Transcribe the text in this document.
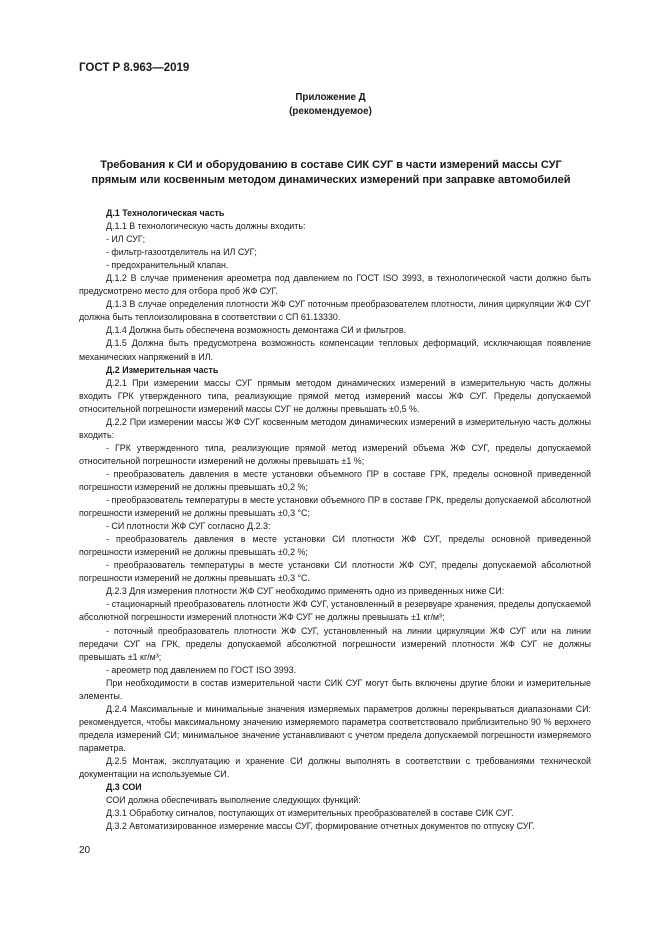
ГОСТ Р 8.963—2019
Приложение Д
(рекомендуемое)
Требования к СИ и оборудованию в составе СИК СУГ в части измерений массы СУГ
прямым или косвенным методом динамических измерений при заправке автомобилей

Д.1 Технологическая часть

Д.1.1 В технологическую часть должны входить:

- ИЛ СУГ;

- фильтр-газоотделитель на ИЛ СУГ;

- предохранительный клапан.

Д.1.2 В случае применения ареометра под давлением по ГОСТ ISO 3993, в технологической части должно быть предусмотрено место для отбора проб ЖФ СУГ.

Д.1.3 В случае определения плотности ЖФ СУГ поточным преобразователем плотности, линия циркуляции ЖФ СУГ должна быть теплоизолирована в соответствии с СП 61.13330.

Д.1.4 Должна быть обеспечена возможность демонтажа СИ и фильтров.

Д.1.5 Должна быть предусмотрена возможность компенсации тепловых деформаций, исключающая появление механических напряжений в ИЛ.

Д.2 Измерительная часть

Д.2.1 При измерении массы СУГ прямым методом динамических измерений в измерительную часть должны входить ГРК утвержденного типа, реализующие прямой метод измерений массы ЖФ СУГ. Пределы допускаемой относительной погрешности измерений массы СУГ не должны превышать ±0,5 %.

Д.2.2 При измерении массы ЖФ СУГ косвенным методом динамических измерений в измерительную часть должны входить:

- ГРК утвержденного типа, реализующие прямой метод измерений объема ЖФ СУГ, пределы допускаемой относительной погрешности измерений не должны превышать ±1 %;

- преобразователь давления в месте установки объемного ПР в составе ГРК, пределы основной приведенной погрешности измерений не должны превышать ±0,2 %;

- преобразователь температуры в месте установки объемного ПР в составе ГРК, пределы допускаемой абсолютной погрешности измерений не должны превышать ±0,3 °С;

- СИ плотности ЖФ СУГ согласно Д.2.3:

- преобразователь давления в месте установки СИ плотности ЖФ СУГ, пределы основной приведенной погрешности измерений не должны превышать ±0,2 %;

- преобразователь температуры в месте установки СИ плотности ЖФ СУГ, пределы допускаемой абсолютной погрешности измерений не должны превышать ±0,3 °С.

Д.2.3 Для измерения плотности ЖФ СУГ необходимо применять одно из приведенных ниже СИ:

- стационарный преобразователь плотности ЖФ СУГ, установленный в резервуаре хранения, пределы допускаемой абсолютной погрешности измерений плотности ЖФ СУГ не должны превышать ±1 кг/м³;

- поточный преобразователь плотности ЖФ СУГ, установленный на линии циркуляции ЖФ СУГ или на линии передачи СУГ на ГРК, пределы допускаемой абсолютной погрешности измерений плотности ЖФ СУГ не должны превышать ±1 кг/м³;

- ареометр под давлением по ГОСТ ISO 3993.

При необходимости в состав измерительной части СИК СУГ могут быть включены другие блоки и измерительные элементы.

Д.2.4 Максимальные и минимальные значения измеряемых параметров должны перекрываться диапазонами СИ: рекомендуется, чтобы максимальному значению измеряемого параметра соответствовало приблизительно 90 % верхнего предела измерений СИ; минимальное значение устанавливают с учетом предела допускаемой погрешности измеряемого параметра.

Д.2.5 Монтаж, эксплуатацию и хранение СИ должны выполнять в соответствии с требованиями технической документации на используемые СИ.

Д.3 СОИ

СОИ должна обеспечивать выполнение следующих функций:

Д.3.1 Обработку сигналов, поступающих от измерительных преобразователей в составе СИК СУГ.

Д.3.2 Автоматизированное измерение массы СУГ, формирование отчетных документов по отпуску СУГ.

20
